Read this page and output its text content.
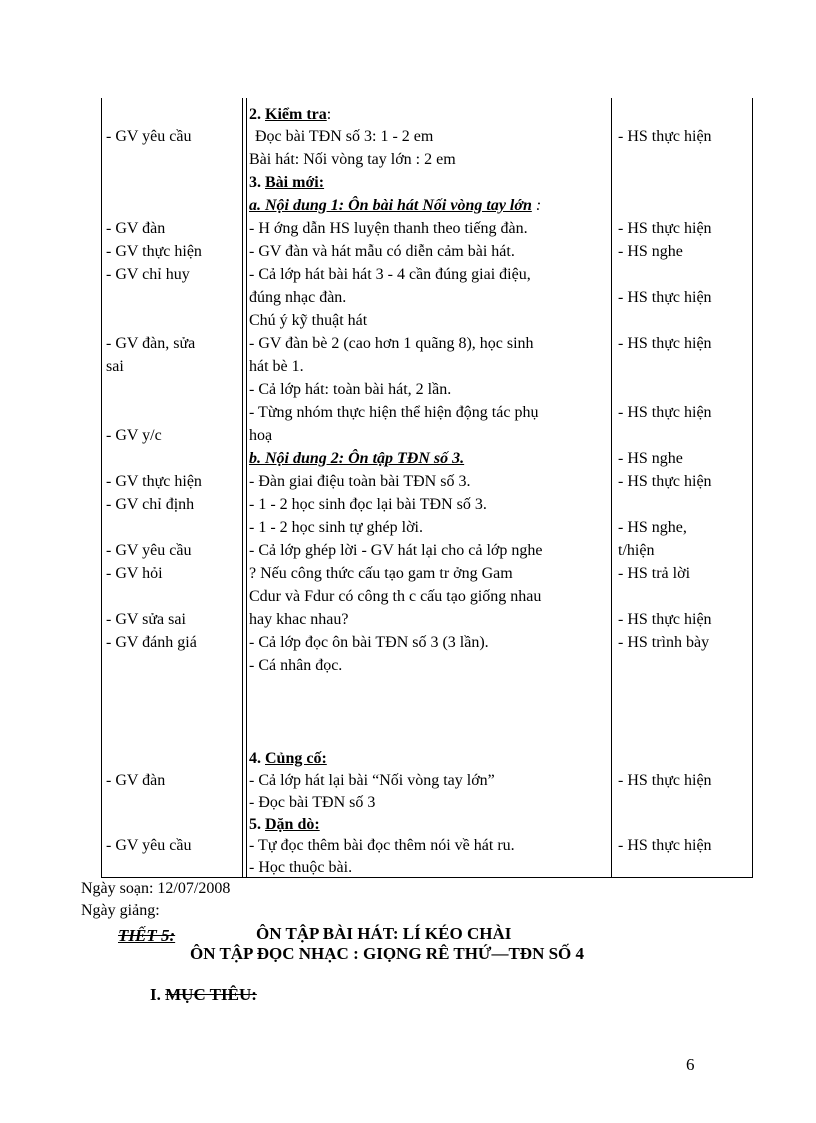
- GV yêu cầu
- GV đàn
- GV thực hiện
- GV chỉ huy
- GV đàn, sửa
sai
- GV y/c
- GV thực hiện
- GV chỉ định
- GV yêu cầu
- GV hỏi
- GV sửa sai
- GV đánh giá
- GV đàn
- GV yêu cầu
2. Kiểm tra:
Đọc bài TĐN số 3: 1 - 2 em
Bài hát: Nối vòng tay lớn : 2 em
3. Bài mới:
a. Nội dung 1: Ôn bài hát Nối vòng tay lớn :
- H ớng dẫn HS luyện thanh theo tiếng đàn.
- GV đàn và hát mẫu có diễn cảm bài hát.
- Cả lớp hát bài hát 3 - 4 cần đúng giai điệu,
đúng nhạc đàn.
Chú ý kỹ thuật hát
- GV đàn bè 2 (cao hơn 1 quãng 8), học sinh
hát bè 1.
- Cả lớp hát: toàn bài hát, 2 lần.
- Từng nhóm thực hiện thể hiện động tác phụ
hoạ
b. Nội dung 2: Ôn tập TĐN số 3.
- Đàn giai điệu toàn bài TĐN số 3.
- 1 - 2 học sinh đọc lại bài TĐN số 3.
- 1 - 2 học sinh tự ghép lời.
- Cả lớp ghép lời - GV hát lại cho cả lớp nghe
? Nếu công thức cấu tạo gam tr ởng Gam
Cdur và Fdur có công th c cấu tạo giống nhau
hay khac nhau?
- Cả lớp đọc ôn bài TĐN số 3 (3 lần).
- Cá nhân đọc.
4. Củng cố:
- Cả lớp hát lại bài “Nối vòng tay lớn”
- Đọc bài TĐN số 3
5. Dặn dò:
- Tự đọc thêm bài đọc thêm nói về hát ru.
- Học thuộc bài.
- HS thực hiện
- HS thực hiện
- HS nghe
- HS thực hiện
- HS thực hiện
- HS thực hiện
- HS nghe
- HS thực hiện
- HS nghe,
t/hiện
- HS trả lời
- HS thực hiện
- HS trình bày
- HS thực hiện
- HS thực hiện
Ngày soạn: 12/07/2008
Ngày giảng:
TIẾT 5:	ÔN TẬP BÀI HÁT: LÍ KÉO CHÀI
ÔN TẬP ĐỌC NHẠC : GIỌNG RÊ THỨ—TĐN SỐ 4
I. MỤC TIÊU:
6
